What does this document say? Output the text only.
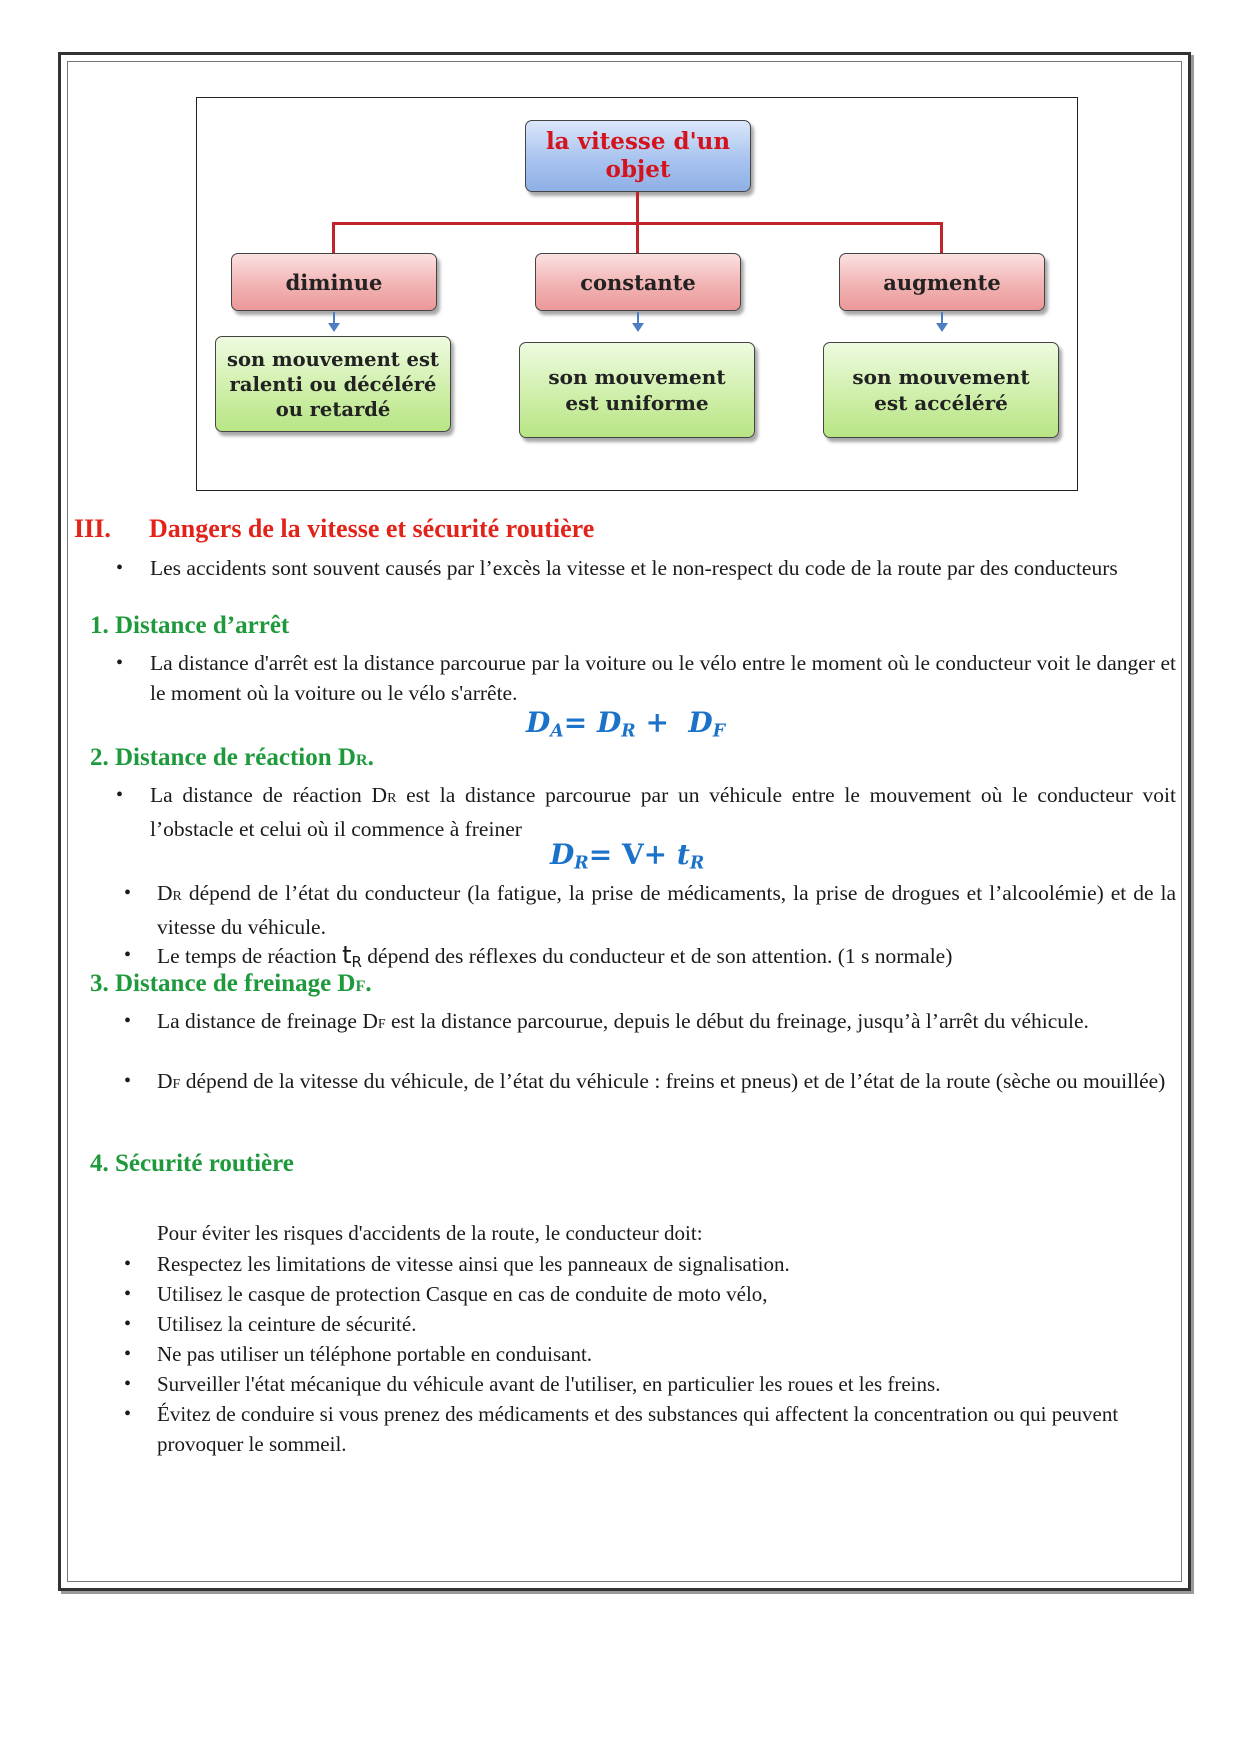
la vitesse d'un objet
diminue	constante	augmente
son mouvement est ralenti ou décéléré ou retardé
son mouvement est uniforme
son mouvement est accéléré
III. Dangers de la vitesse et sécurité routière
• Les accidents sont souvent causés par l’excès la vitesse et le non-respect du code de la route par des conducteurs
1. Distance d’arrêt
• La distance d'arrêt est la distance parcourue par la voiture ou le vélo entre le moment où le conducteur voit le danger et le moment où la voiture ou le vélo s'arrête.
$D_A= D_R + D_F$
2. Distance de réaction DR.
• La distance de réaction DR est la distance parcourue par un véhicule entre le mouvement où le conducteur voit l’obstacle et celui où il commence à freiner
$D_R= V+ t_R$
• DR dépend de l’état du conducteur (la fatigue, la prise de médicaments, la prise de drogues et l’alcoolémie) et de la vitesse du véhicule.
• Le temps de réaction $t_R$ dépend des réflexes du conducteur et de son attention. (1 s normale)
3. Distance de freinage DF.
• La distance de freinage DF est la distance parcourue, depuis le début du freinage, jusqu’à l’arrêt du véhicule.
• DF dépend de la vitesse du véhicule, de l’état du véhicule : freins et pneus) et de l’état de la route (sèche ou mouillée)
4. Sécurité routière
Pour éviter les risques d'accidents de la route, le conducteur doit:
• Respectez les limitations de vitesse ainsi que les panneaux de signalisation.
• Utilisez le casque de protection Casque en cas de conduite de moto vélo,
• Utilisez la ceinture de sécurité.
• Ne pas utiliser un téléphone portable en conduisant.
• Surveiller l'état mécanique du véhicule avant de l'utiliser, en particulier les roues et les freins.
• Évitez de conduire si vous prenez des médicaments et des substances qui affectent la concentration ou qui peuvent provoquer le sommeil.
